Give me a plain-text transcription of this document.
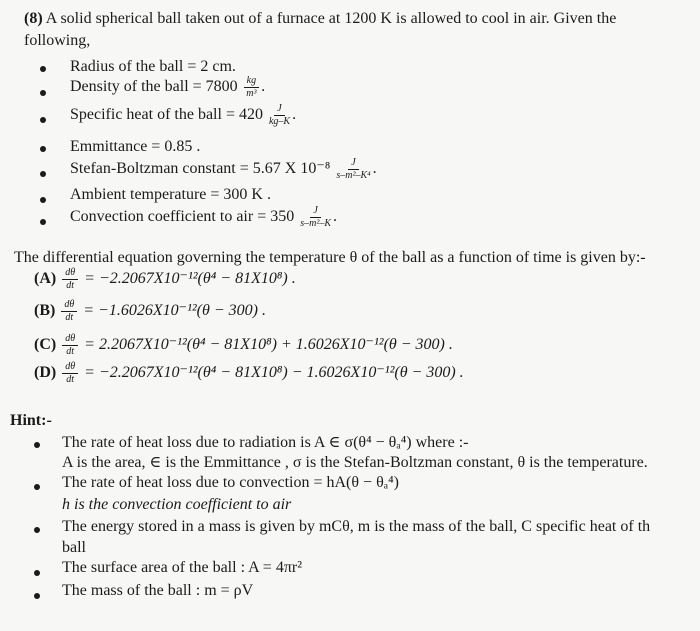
(8) A solid spherical ball taken out of a furnace at 1200 K is allowed to cool in air. Given the
following,
Radius of the ball = 2 cm.
Density of the ball = $7800 \frac{kg}{\text{m³}}$ .
Specific heat of the ball = $420 \frac{J}{kg-K}$ .
Emmittance = 0.85 .
Stefan-Boltzman constant = 5.67 X $10^{-8} \frac{J}{\text{s–m²–K⁴}}$ .
Ambient temperature = 300 K .
Convection coefficient to air = $350 \frac{J}{\text{s–m²–K}}$ .
The differential equation governing the temperature θ of the ball as a function of time is given by:-
$(A) \frac{d\theta}{dt} = -2.2067X10^{-12}(\theta^4 - 81X10^8)$ .
$(B) \frac{d\theta}{dt} = -1.6026X10^{-12}(\theta - 300)$ .
$(C) \frac{d\theta}{dt} = 2.2067X10^{-12}(\theta^4 - 81X10^8) + 1.6026X10^{-12}(\theta - 300)$ .
$(D) \frac{d\theta}{dt} = -2.2067X10^{-12}(\theta^4 - 81X10^8) - 1.6026X10^{-12}(\theta - 300)$ .
Hint:-
The rate of heat loss due to radiation is A ∈ σ(θ⁴ − θₐ⁴) where :-
A is the area, ∈ is the Emmittance , σ is the Stefan-Boltzman constant, θ is the temperature.
The rate of heat loss due to convection = hA(θ − θₐ⁴)
h is the convection coefficient to air
The energy stored in a mass is given by mCθ, m is the mass of the ball, C specific heat of th
ball
The surface area of the ball : A = 4πr²
The mass of the ball : m = ρV
